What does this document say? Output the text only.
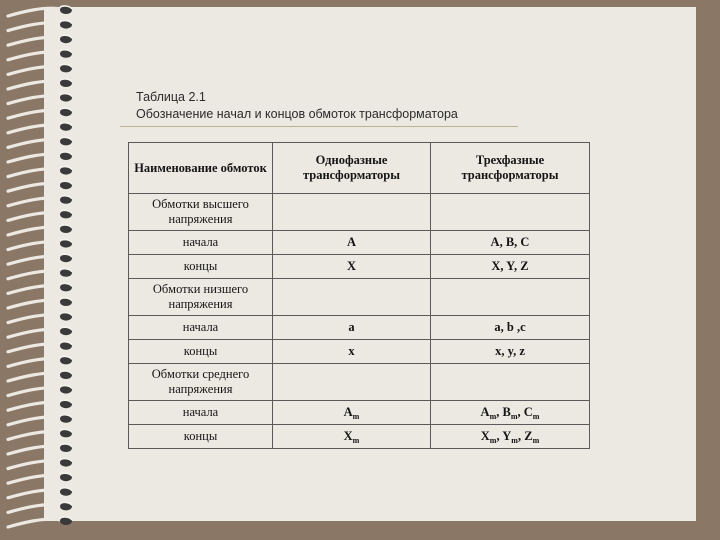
Таблица 2.1
Обозначение начал и концов обмоток трансформатора
Наименование обмоток	Однофазные трансформаторы	Трехфазные трансформаторы
Обмотки высшего напряжения		
начала	A	A, B, C
концы	X	X, Y, Z
Обмотки низшего напряжения		
начала	a	a, b ,c
концы	x	x, y, z
Обмотки среднего напряжения		
начала	$A_m$	$A_m$, $B_m$, $C_m$
концы	$X_m$	$X_m$, $Y_m$, $Z_m$
